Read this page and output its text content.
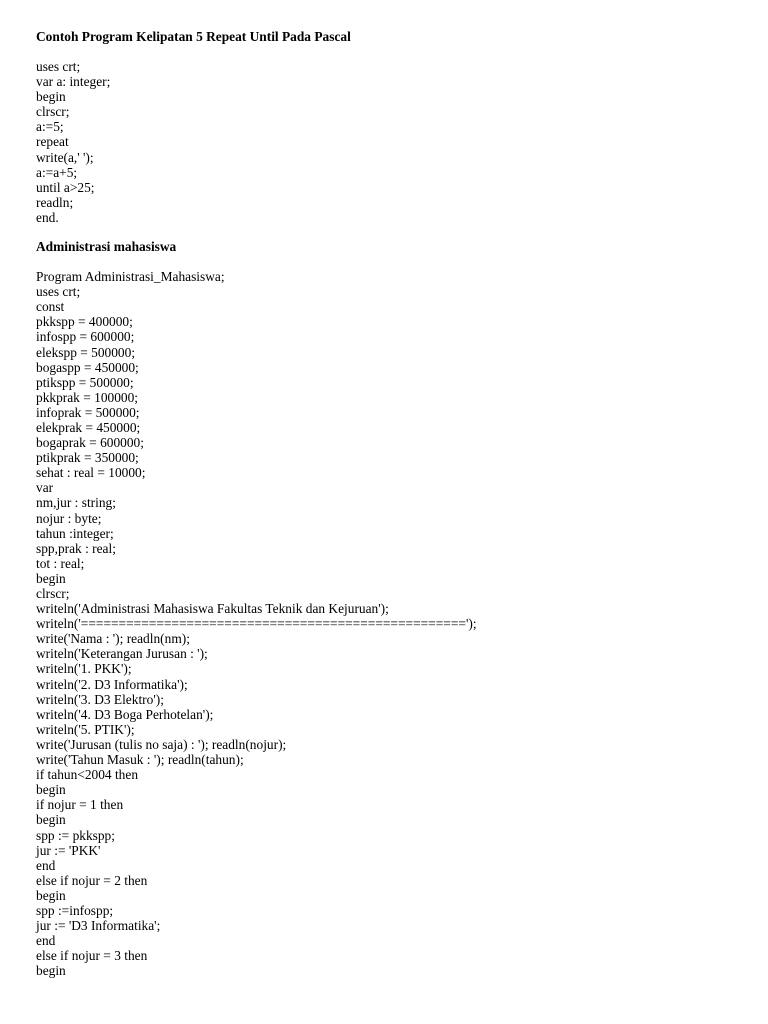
Contoh Program Kelipatan 5 Repeat Until Pada Pascal
uses crt;
var a: integer;
begin
clrscr;
a:=5;
repeat
write(a,' ');
a:=a+5;
until a>25;
readln;
end.
Administrasi mahasiswa
Program Administrasi_Mahasiswa;
uses crt;
const
pkkspp = 400000;
infospp = 600000;
elekspp = 500000;
bogaspp = 450000;
ptikspp = 500000;
pkkprak = 100000;
infoprak = 500000;
elekprak = 450000;
bogaprak = 600000;
ptikprak = 350000;
sehat : real = 10000;
var
nm,jur : string;
nojur : byte;
tahun :integer;
spp,prak : real;
tot : real;
begin
clrscr;
writeln('Administrasi Mahasiswa Fakultas Teknik dan Kejuruan');
writeln('===================================================');
write('Nama : '); readln(nm);
writeln('Keterangan Jurusan : ');
writeln('1. PKK');
writeln('2. D3 Informatika');
writeln('3. D3 Elektro');
writeln('4. D3 Boga Perhotelan');
writeln('5. PTIK');
write('Jurusan (tulis no saja) : '); readln(nojur);
write('Tahun Masuk : '); readln(tahun);
if tahun<2004 then
begin
if nojur = 1 then
begin
spp := pkkspp;
jur := 'PKK'
end
else if nojur = 2 then
begin
spp :=infospp;
jur := 'D3 Informatika';
end
else if nojur = 3 then
begin
